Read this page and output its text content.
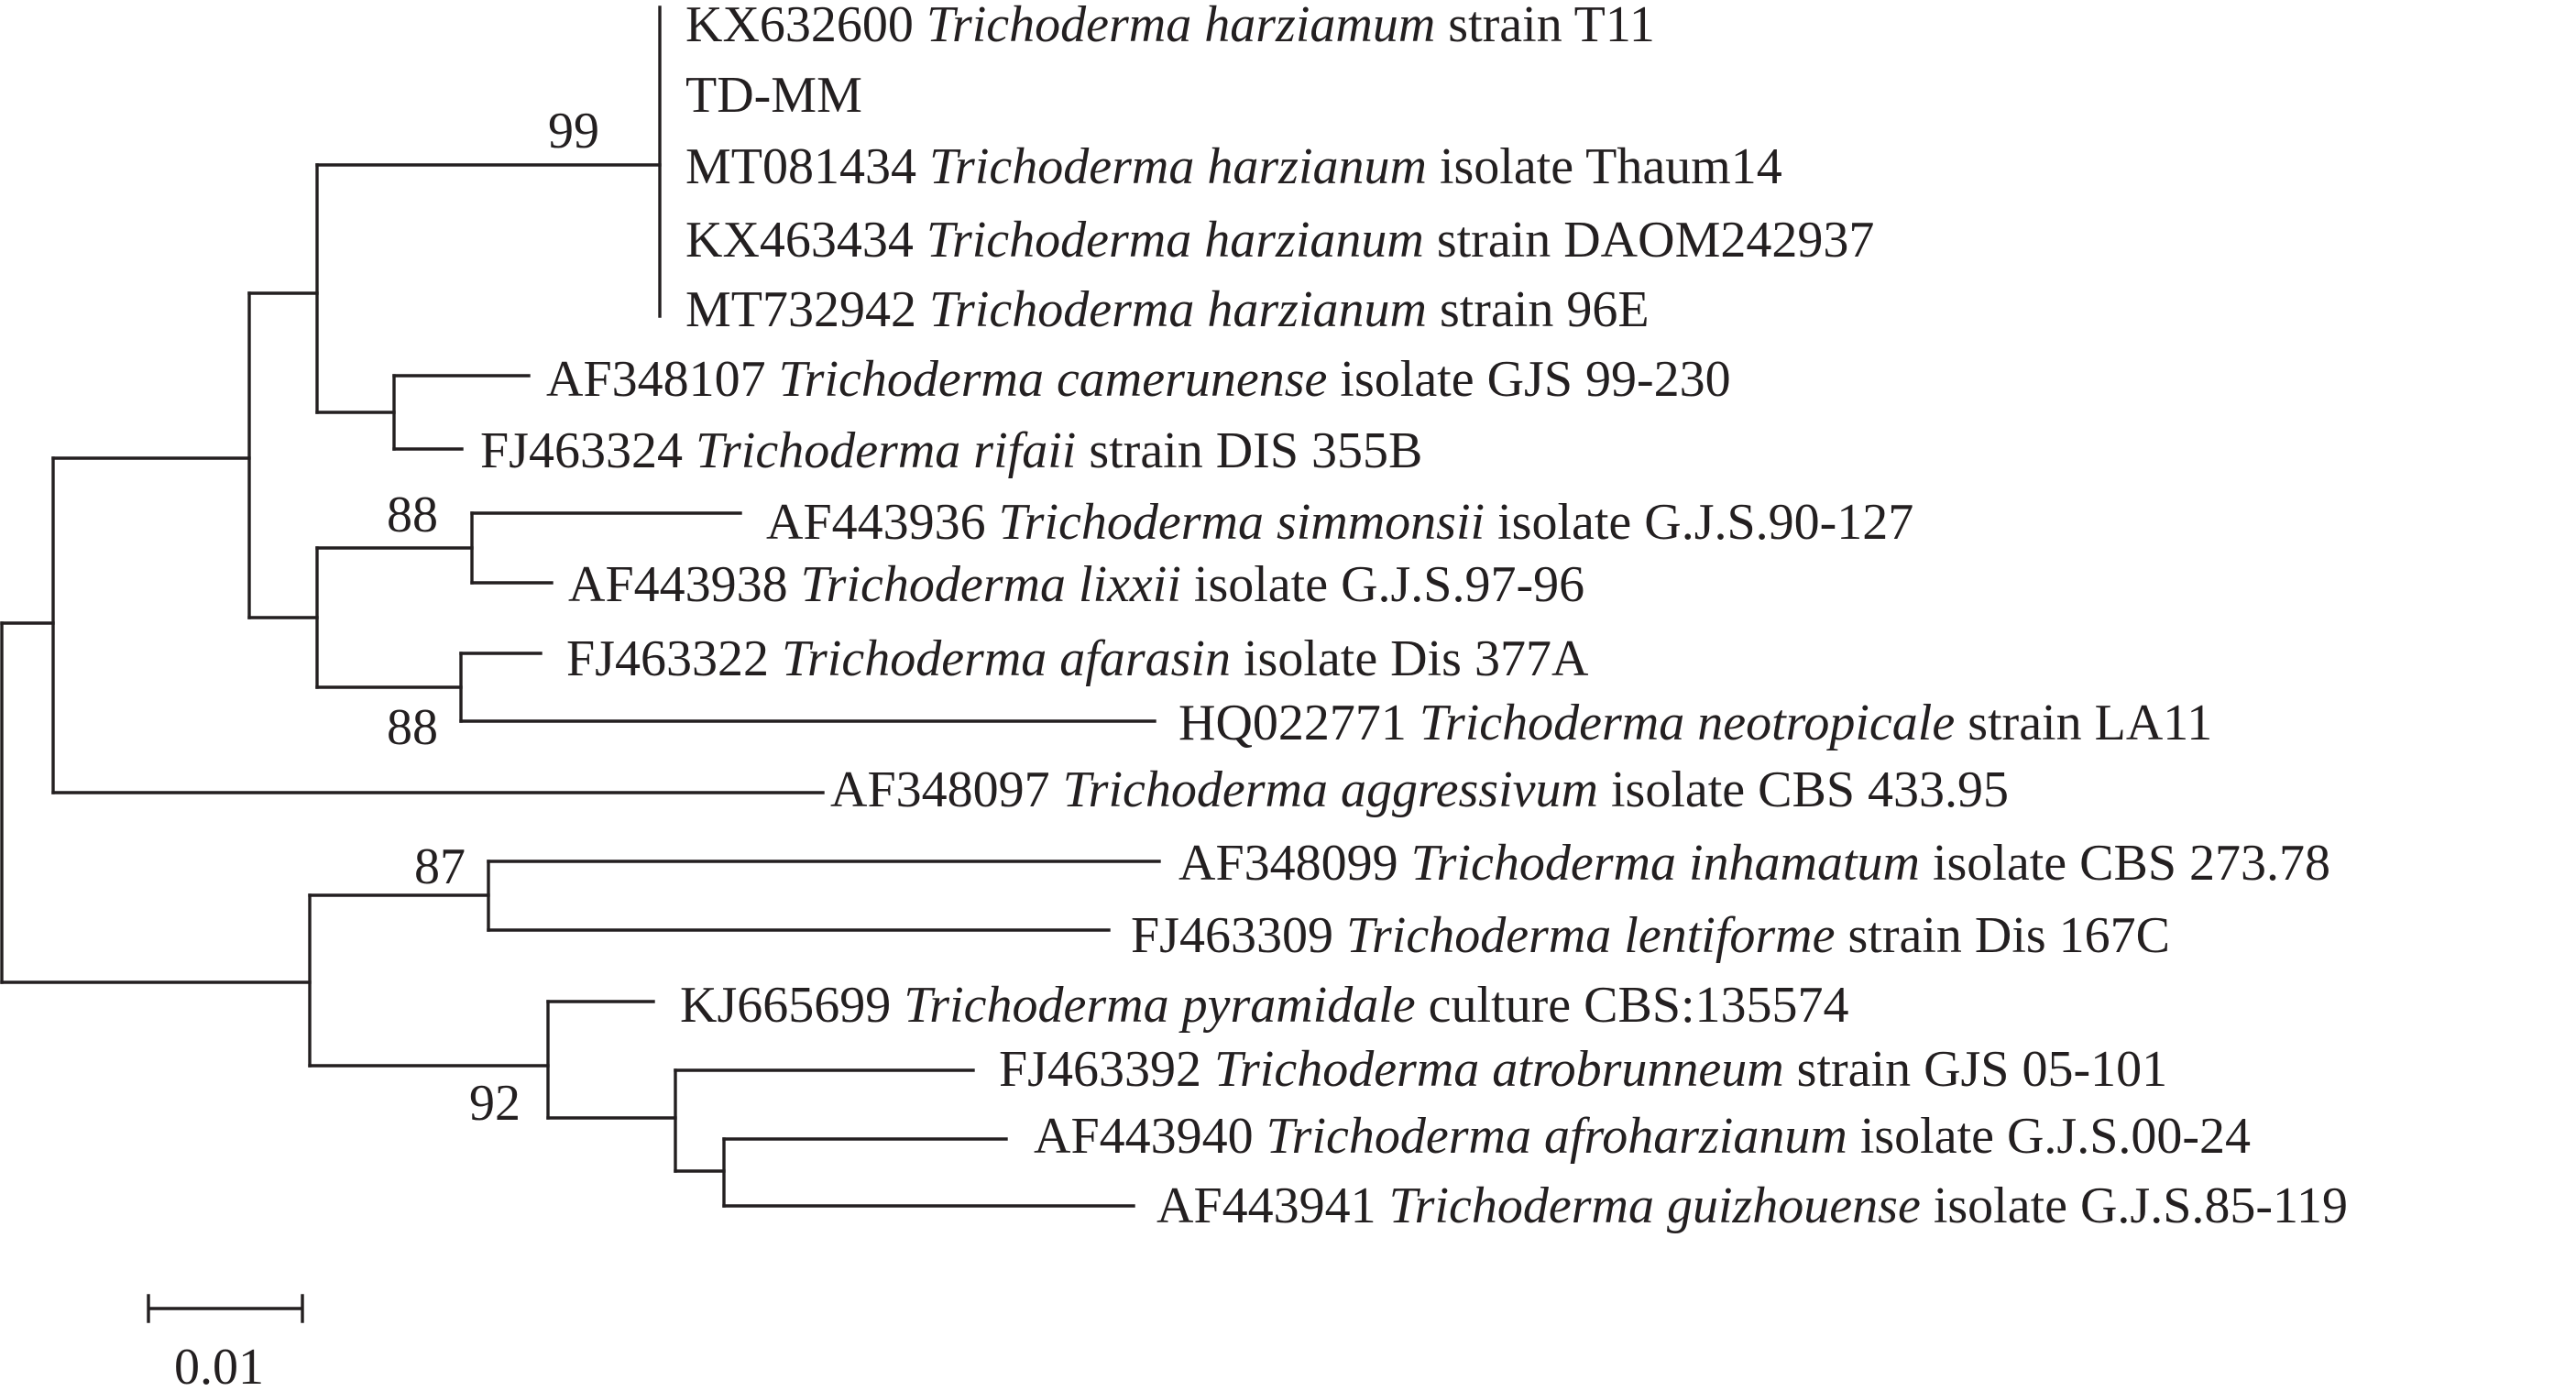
KX632600 Trichoderma harziamum strain T11
TD-MM
MT081434 Trichoderma harzianum isolate Thaum14
KX463434 Trichoderma harzianum strain DAOM242937
MT732942 Trichoderma harzianum strain 96E
AF348107 Trichoderma camerunense isolate GJS 99-230
FJ463324 Trichoderma rifaii strain DIS 355B
AF443936 Trichoderma simmonsii isolate G.J.S.90-127
AF443938 Trichoderma lixxii isolate G.J.S.97-96
FJ463322 Trichoderma afarasin isolate Dis 377A
HQ022771 Trichoderma neotropicale strain LA11
AF348097 Trichoderma aggressivum isolate CBS 433.95
AF348099 Trichoderma inhamatum isolate CBS 273.78
FJ463309 Trichoderma lentiforme strain Dis 167C
KJ665699 Trichoderma pyramidale culture CBS:135574
FJ463392 Trichoderma atrobrunneum strain GJS 05-101
AF443940 Trichoderma afroharzianum isolate G.J.S.00-24
AF443941 Trichoderma guizhouense isolate G.J.S.85-119
99
88
88
87
92
0.01
